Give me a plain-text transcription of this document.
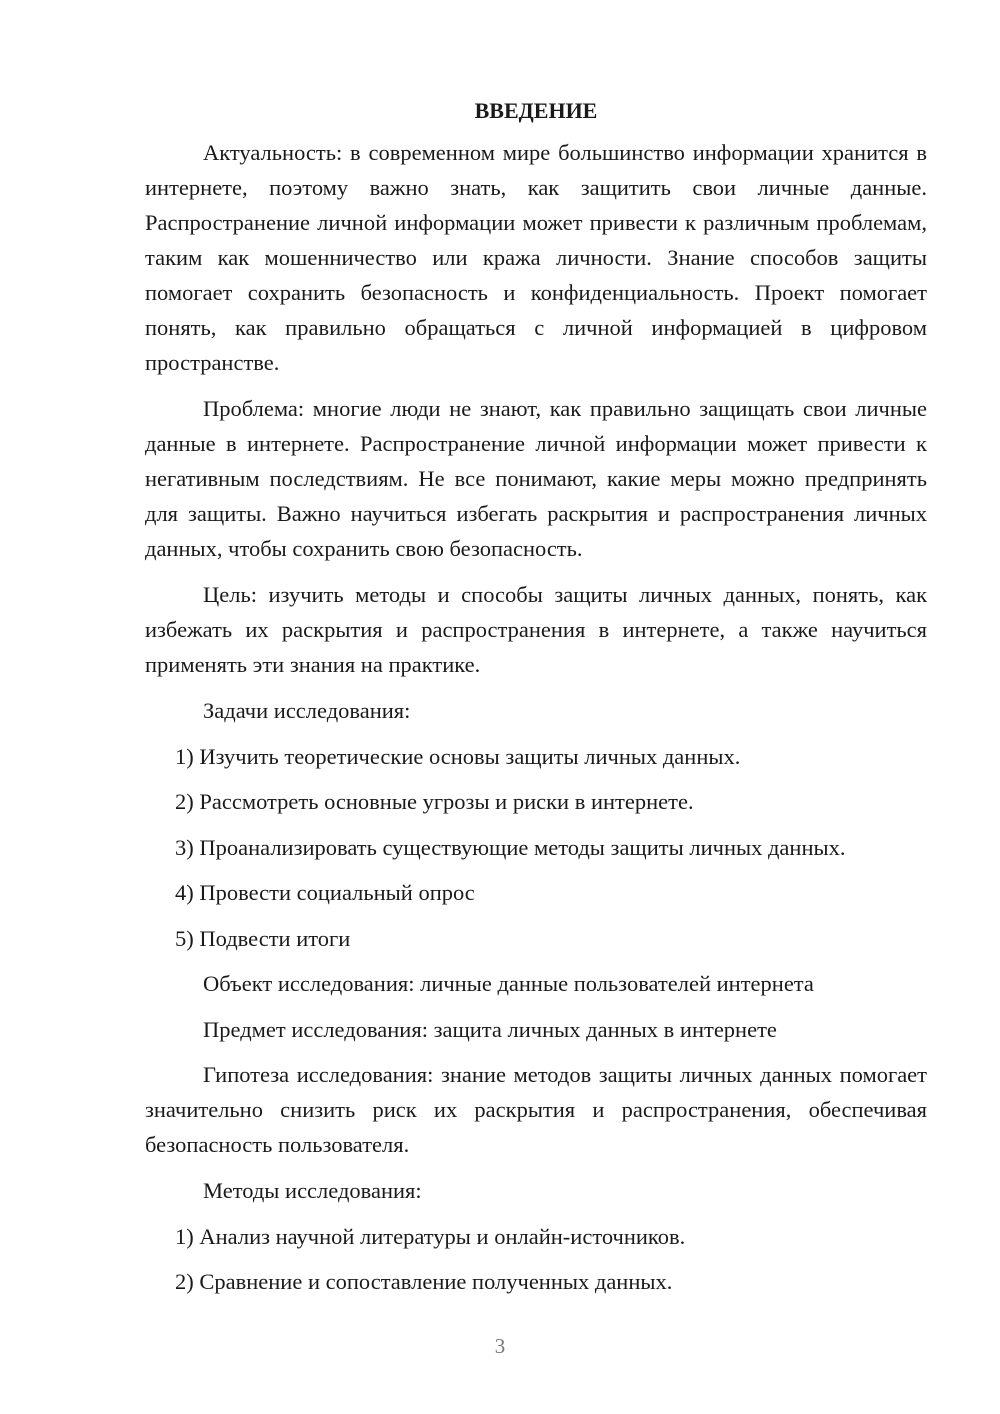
ВВЕДЕНИЕ
Актуальность: в современном мире большинство информации хранится в интернете, поэтому важно знать, как защитить свои личные данные. Распространение личной информации может привести к различным проблемам, таким как мошенничество или кража личности. Знание способов защиты помогает сохранить безопасность и конфиденциальность. Проект помогает понять, как правильно обращаться с личной информацией в цифровом пространстве.
Проблема: многие люди не знают, как правильно защищать свои личные данные в интернете. Распространение личной информации может привести к негативным последствиям. Не все понимают, какие меры можно предпринять для защиты. Важно научиться избегать раскрытия и распространения личных данных, чтобы сохранить свою безопасность.
Цель: изучить методы и способы защиты личных данных, понять, как избежать их раскрытия и распространения в интернете, а также научиться применять эти знания на практике.
Задачи исследования:
1) Изучить теоретические основы защиты личных данных.
2) Рассмотреть основные угрозы и риски в интернете.
3) Проанализировать существующие методы защиты личных данных.
4) Провести социальный опрос
5) Подвести итоги
Объект исследования: личные данные пользователей интернета
Предмет исследования: защита личных данных в интернете
Гипотеза исследования: знание методов защиты личных данных помогает значительно снизить риск их раскрытия и распространения, обеспечивая безопасность пользователя.
Методы исследования:
1) Анализ научной литературы и онлайн-источников.
2) Сравнение и сопоставление полученных данных.
3
